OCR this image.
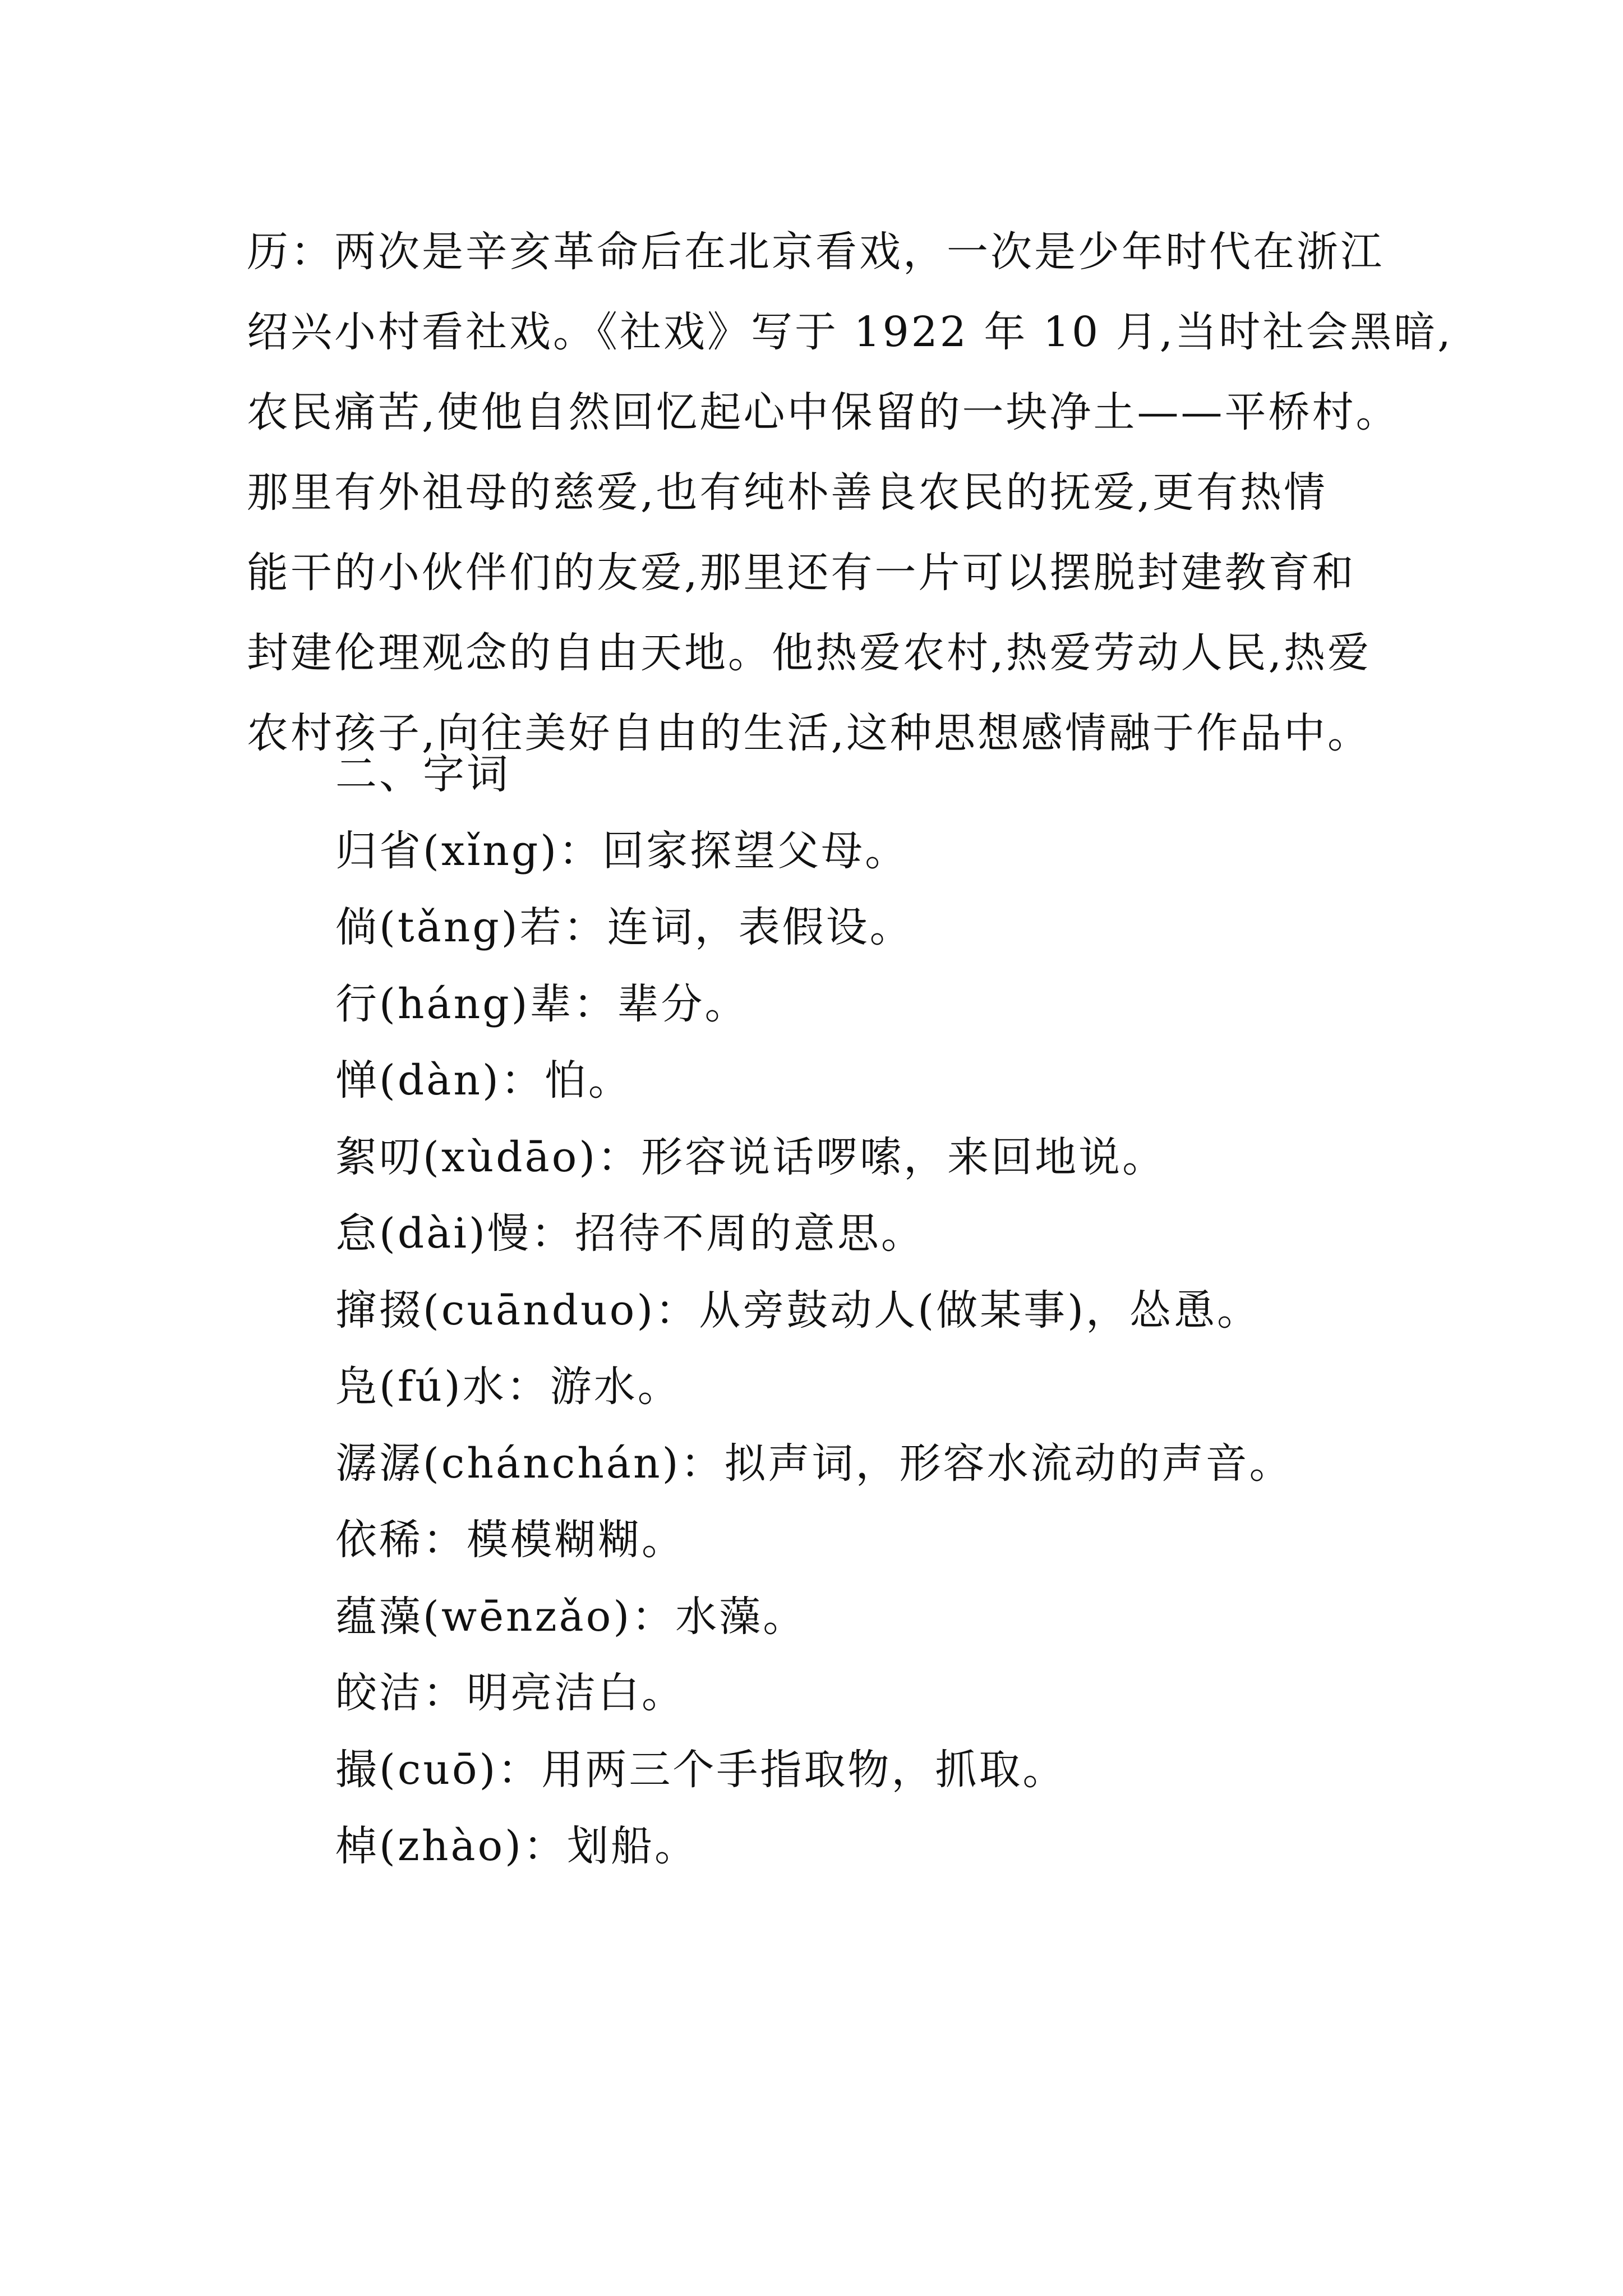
历：两次是辛亥革命后在北京看戏，一次是少年时代在浙江
绍兴小村看社戏。《社戏》写于 1922 年 10 月,当时社会黑暗,
农民痛苦,使他自然回忆起心中保留的一块净土——平桥村。
那里有外祖母的慈爱,也有纯朴善良农民的抚爱,更有热情
能干的小伙伴们的友爱,那里还有一片可以摆脱封建教育和
封建伦理观念的自由天地。他热爱农村,热爱劳动人民,热爱
农村孩子,向往美好自由的生活,这种思想感情融于作品中。
二、字词
归省(xǐng)：回家探望父母。
倘(tǎng)若：连词，表假设。
行(háng)辈：辈分。
惮(dàn)：怕。
絮叨(xùdāo)：形容说话啰嗦，来回地说。
怠(dài)慢：招待不周的意思。
撺掇(cuānduo)：从旁鼓动人(做某事)，怂恿。
凫(fú)水：游水。
潺潺(chánchán)：拟声词，形容水流动的声音。
依稀：模模糊糊。
蕴藻(wēnzǎo)：水藻。
皎洁：明亮洁白。
撮(cuō)：用两三个手指取物，抓取。
棹(zhào)：划船。
